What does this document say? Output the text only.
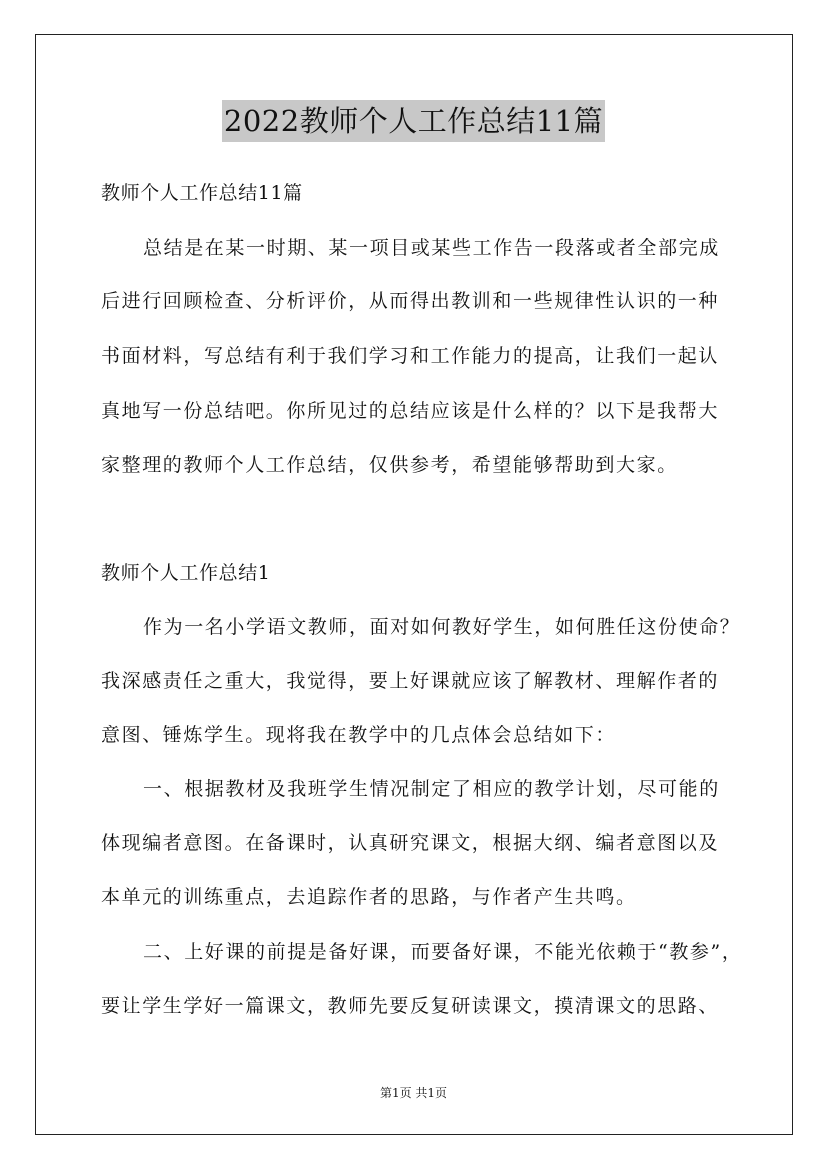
2022教师个人工作总结11篇
教师个人工作总结11篇
总结是在某一时期、某一项目或某些工作告一段落或者全部完成
后进行回顾检查、分析评价，从而得出教训和一些规律性认识的一种
书面材料，写总结有利于我们学习和工作能力的提高，让我们一起认
真地写一份总结吧。你所见过的总结应该是什么样的？以下是我帮大
家整理的教师个人工作总结，仅供参考，希望能够帮助到大家。
教师个人工作总结1
作为一名小学语文教师，面对如何教好学生，如何胜任这份使命？
我深感责任之重大，我觉得，要上好课就应该了解教材、理解作者的
意图、锤炼学生。现将我在教学中的几点体会总结如下：
一、根据教材及我班学生情况制定了相应的教学计划，尽可能的
体现编者意图。在备课时，认真研究课文，根据大纲、编者意图以及
本单元的训练重点，去追踪作者的思路，与作者产生共鸣。
二、上好课的前提是备好课，而要备好课，不能光依赖于“教参”，
要让学生学好一篇课文，教师先要反复研读课文，摸清课文的思路、
第1页 共1页
